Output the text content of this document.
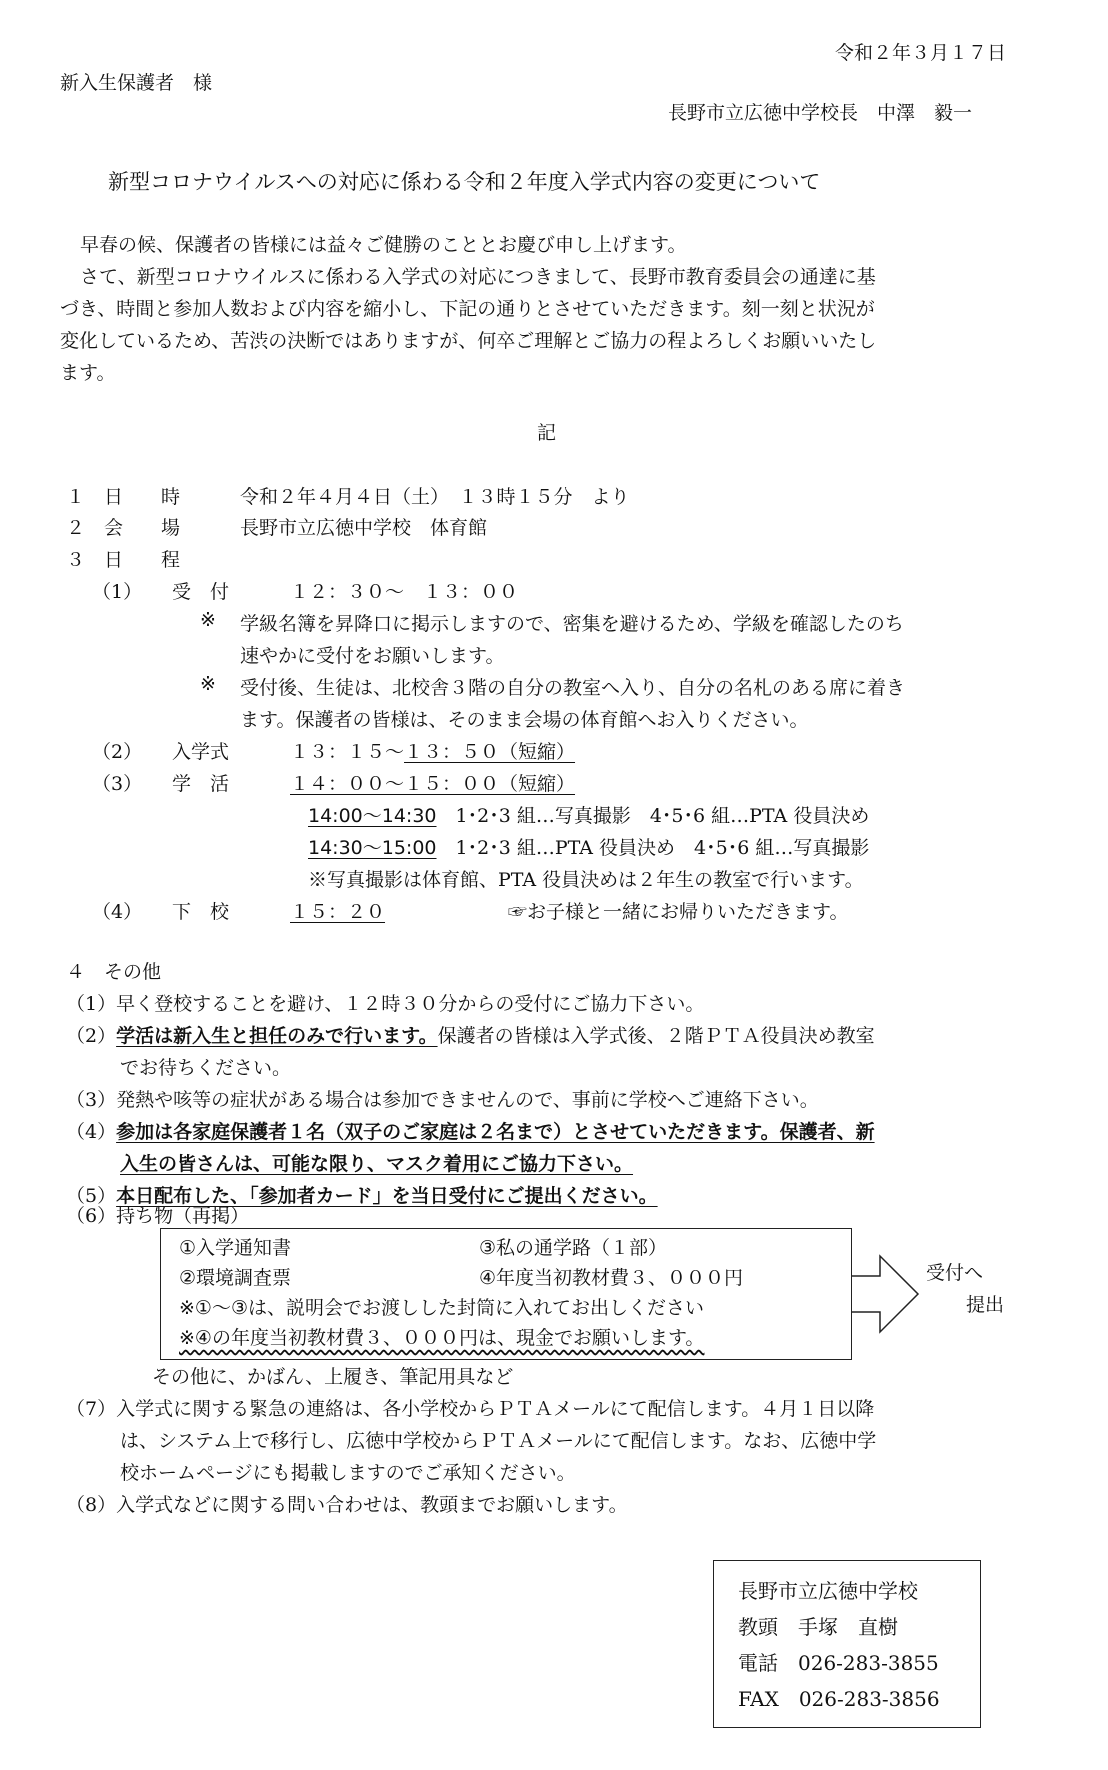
令和２年３月１７日
新入生保護者　様
長野市立広徳中学校長　中澤　毅一
新型コロナウイルスへの対応に係わる令和２年度入学式内容の変更について
早春の候、保護者の皆様には益々ご健勝のこととお慶び申し上げます。
さて、新型コロナウイルスに係わる入学式の対応につきまして、長野市教育委員会の通達に基
づき、時間と参加人数および内容を縮小し、下記の通りとさせていただきます。刻一刻と状況が
変化しているため、苦渋の決断ではありますが、何卒ご理解とご協力の程よろしくお願いいたし
ます。
記
１　日　　時	令和２年４月４日（土）　１３時１５分　より
２　会　　場	長野市立広徳中学校　体育館
３　日　　程
（1） 受　付	１２：３０～　１３：００
※ 学級名簿を昇降口に掲示しますので、密集を避けるため、学級を確認したのち
速やかに受付をお願いします。
※ 受付後、生徒は、北校舎３階の自分の教室へ入り、自分の名札のある席に着き
ます。保護者の皆様は、そのまま会場の体育館へお入りください。
（2） 入学式	１３：１５～１３：５０（短縮）
（3） 学　活	１４：００～１５：００（短縮）
14:00～14:30　 1･2･3 組…写真撮影　4･5･6 組…PTA 役員決め
14:30～15:00　 1･2･3 組…PTA 役員決め　4･5･6 組…写真撮影
※写真撮影は体育館、PTA 役員決めは２年生の教室で行います。
（4） 下　校	１５：２０	☞お子様と一緒にお帰りいただきます。
４　その他
（1）早く登校することを避け、１２時３０分からの受付にご協力下さい。
（2）学活は新入生と担任のみで行います。保護者の皆様は入学式後、２階ＰＴＡ役員決め教室
でお待ちください。
（3）発熱や咳等の症状がある場合は参加できませんので、事前に学校へご連絡下さい。
（4）参加は各家庭保護者１名（双子のご家庭は２名まで）とさせていただきます。保護者、新
入生の皆さんは、可能な限り、マスク着用にご協力下さい。
（5）本日配布した、「参加者カード」を当日受付にご提出ください。
（6）持ち物（再掲）
①入学通知書	③私の通学路（１部）
②環境調査票	④年度当初教材費３、０００円
※①～③は、説明会でお渡しした封筒に入れてお出しください
※④の年度当初教材費３、０００円は、現金でお願いします。
受付へ
提出
その他に、かばん、上履き、筆記用具など
（7）入学式に関する緊急の連絡は、各小学校からＰＴＡメールにて配信します。４月１日以降
は、システム上で移行し、広徳中学校からＰＴＡメールにて配信します。なお、広徳中学
校ホームページにも掲載しますのでご承知ください。
（8）入学式などに関する問い合わせは、教頭までお願いします。
長野市立広徳中学校
教頭　手塚　直樹
電話　026-283-3855
FAX　026-283-3856
